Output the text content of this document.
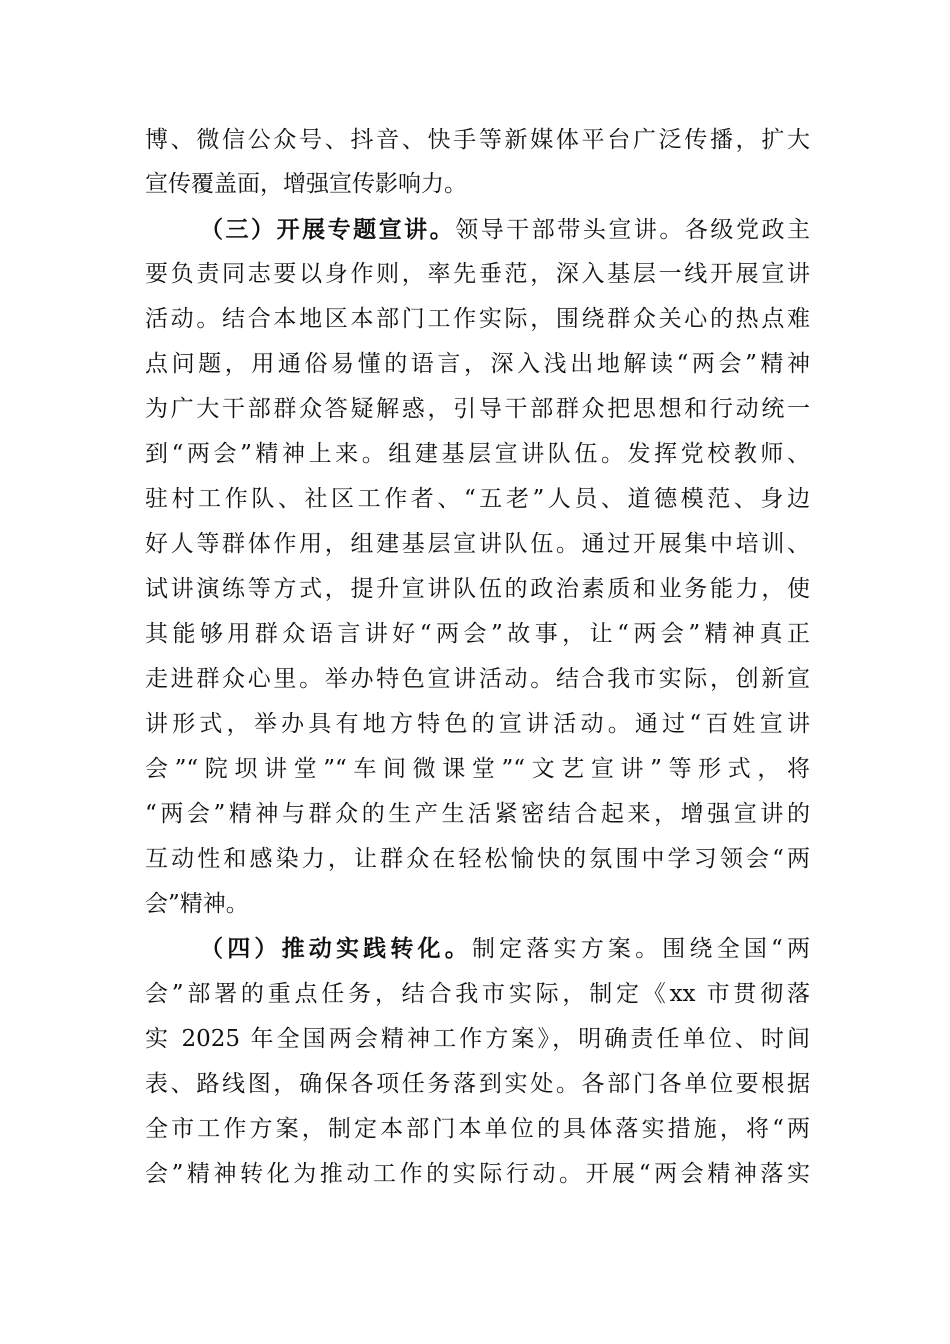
博、微信公众号、抖音、快手等新媒体平台广泛传播，扩大
宣传覆盖面，增强宣传影响力。
（三）开展专题宣讲。领导干部带头宣讲。各级党政主
要负责同志要以身作则，率先垂范，深入基层一线开展宣讲
活动。结合本地区本部门工作实际，围绕群众关心的热点难
点问题，用通俗易懂的语言，深入浅出地解读“两会”精神
为广大干部群众答疑解惑，引导干部群众把思想和行动统一
到“两会”精神上来。组建基层宣讲队伍。发挥党校教师、
驻村工作队、社区工作者、“五老”人员、道德模范、身边
好人等群体作用，组建基层宣讲队伍。通过开展集中培训、
试讲演练等方式，提升宣讲队伍的政治素质和业务能力，使
其能够用群众语言讲好“两会”故事，让“两会”精神真正
走进群众心里。举办特色宣讲活动。结合我市实际，创新宣
讲形式，举办具有地方特色的宣讲活动。通过“百姓宣讲
会”“院坝讲堂”“车间微课堂”“文艺宣讲”等形式，将
“两会”精神与群众的生产生活紧密结合起来，增强宣讲的
互动性和感染力，让群众在轻松愉快的氛围中学习领会“两
会”精神。
（四）推动实践转化。制定落实方案。围绕全国“两
会”部署的重点任务，结合我市实际，制定《xx 市贯彻落
实 2025 年全国两会精神工作方案》，明确责任单位、时间
表、路线图，确保各项任务落到实处。各部门各单位要根据
全市工作方案，制定本部门本单位的具体落实措施，将“两
会”精神转化为推动工作的实际行动。开展“两会精神落实
